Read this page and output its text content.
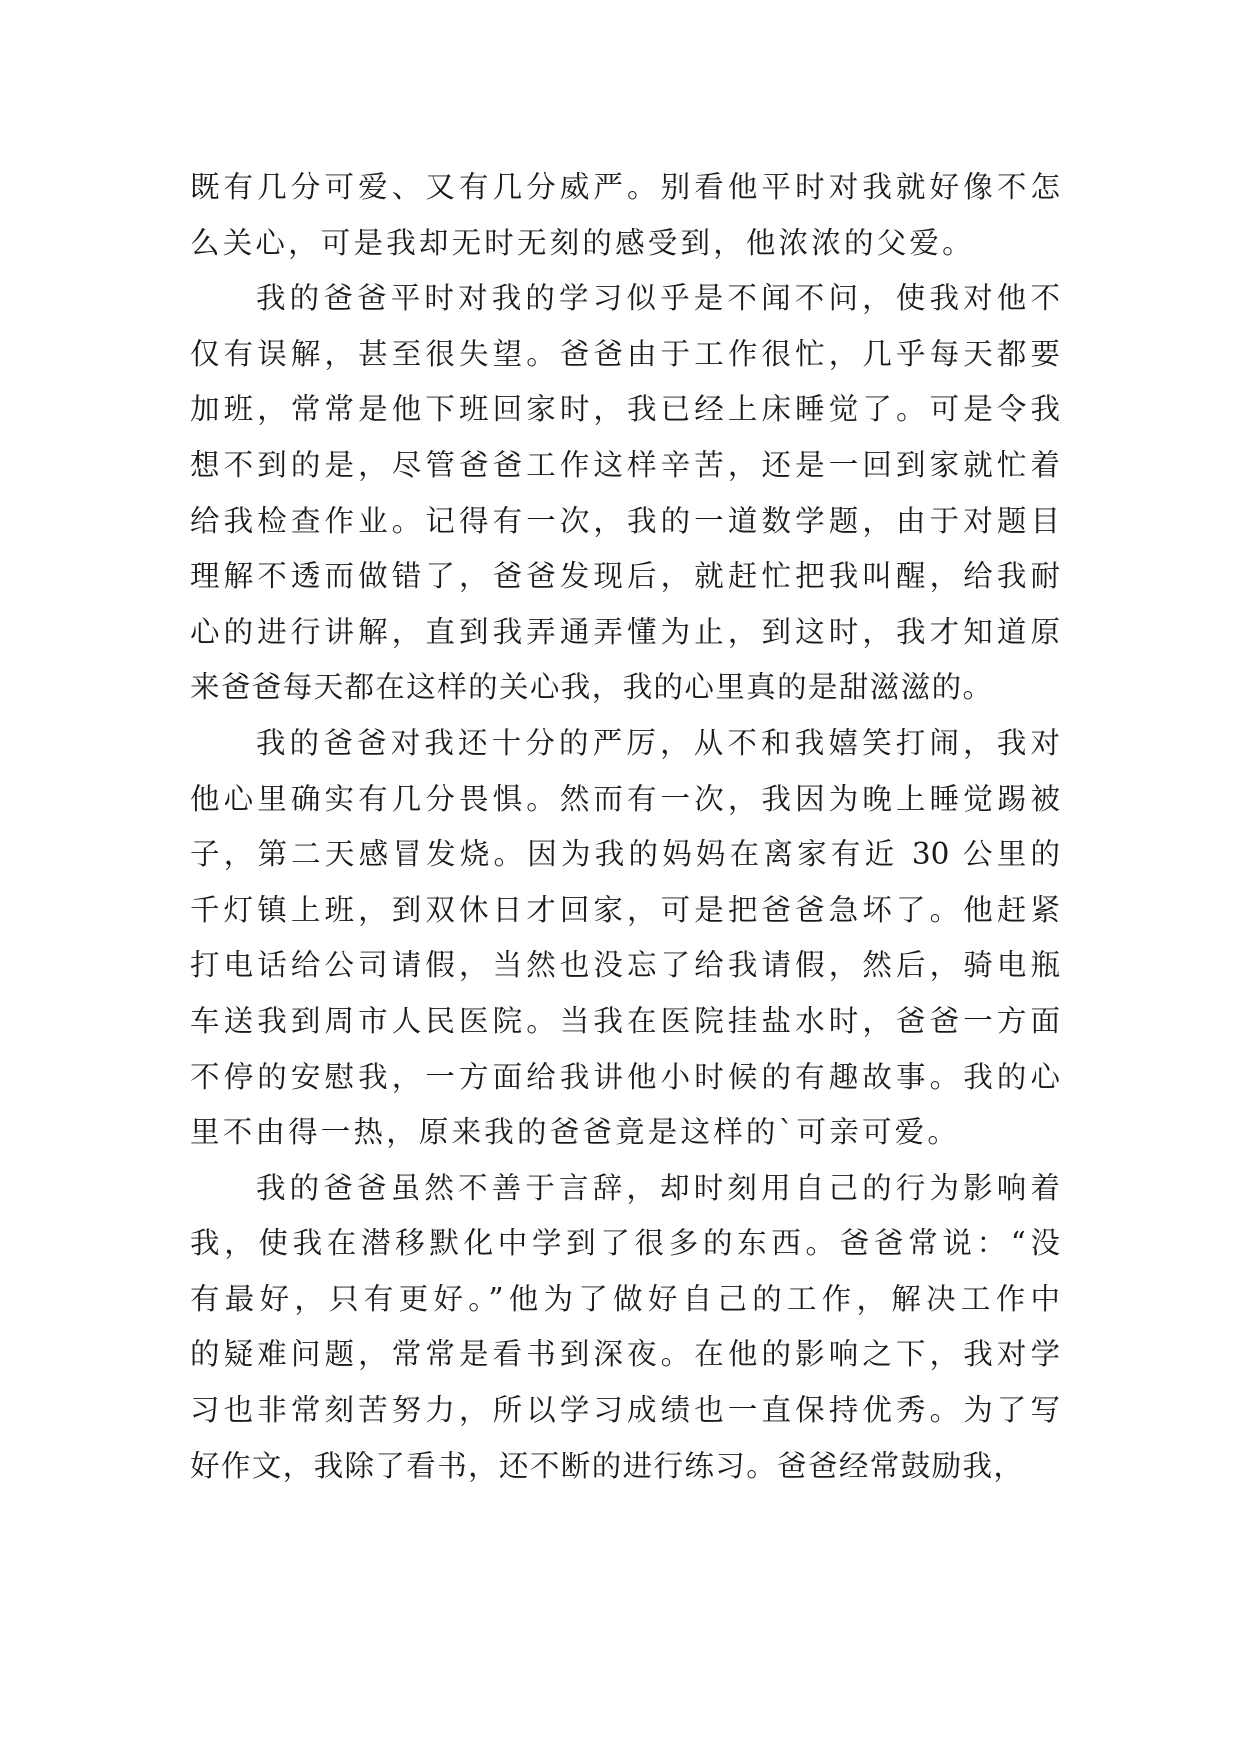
既有几分可爱、又有几分威严。别看他平时对我就好像不怎
么关心，可是我却无时无刻的感受到，他浓浓的父爱。
我的爸爸平时对我的学习似乎是不闻不问，使我对他不
仅有误解，甚至很失望。爸爸由于工作很忙，几乎每天都要
加班，常常是他下班回家时，我已经上床睡觉了。可是令我
想不到的是，尽管爸爸工作这样辛苦，还是一回到家就忙着
给我检查作业。记得有一次，我的一道数学题，由于对题目
理解不透而做错了，爸爸发现后，就赶忙把我叫醒，给我耐
心的进行讲解，直到我弄通弄懂为止，到这时，我才知道原
来爸爸每天都在这样的关心我，我的心里真的是甜滋滋的。
我的爸爸对我还十分的严厉，从不和我嬉笑打闹，我对
他心里确实有几分畏惧。然而有一次，我因为晚上睡觉踢被
子，第二天感冒发烧。因为我的妈妈在离家有近 30 公里的
千灯镇上班，到双休日才回家，可是把爸爸急坏了。他赶紧
打电话给公司请假，当然也没忘了给我请假，然后，骑电瓶
车送我到周市人民医院。当我在医院挂盐水时，爸爸一方面
不停的安慰我，一方面给我讲他小时候的有趣故事。我的心
里不由得一热，原来我的爸爸竟是这样的`可亲可爱。
我的爸爸虽然不善于言辞，却时刻用自己的行为影响着
我，使我在潜移默化中学到了很多的东西。爸爸常说：“没
有最好，只有更好。”他为了做好自己的工作，解决工作中
的疑难问题，常常是看书到深夜。在他的影响之下，我对学
习也非常刻苦努力，所以学习成绩也一直保持优秀。为了写
好作文，我除了看书，还不断的进行练习。爸爸经常鼓励我，
